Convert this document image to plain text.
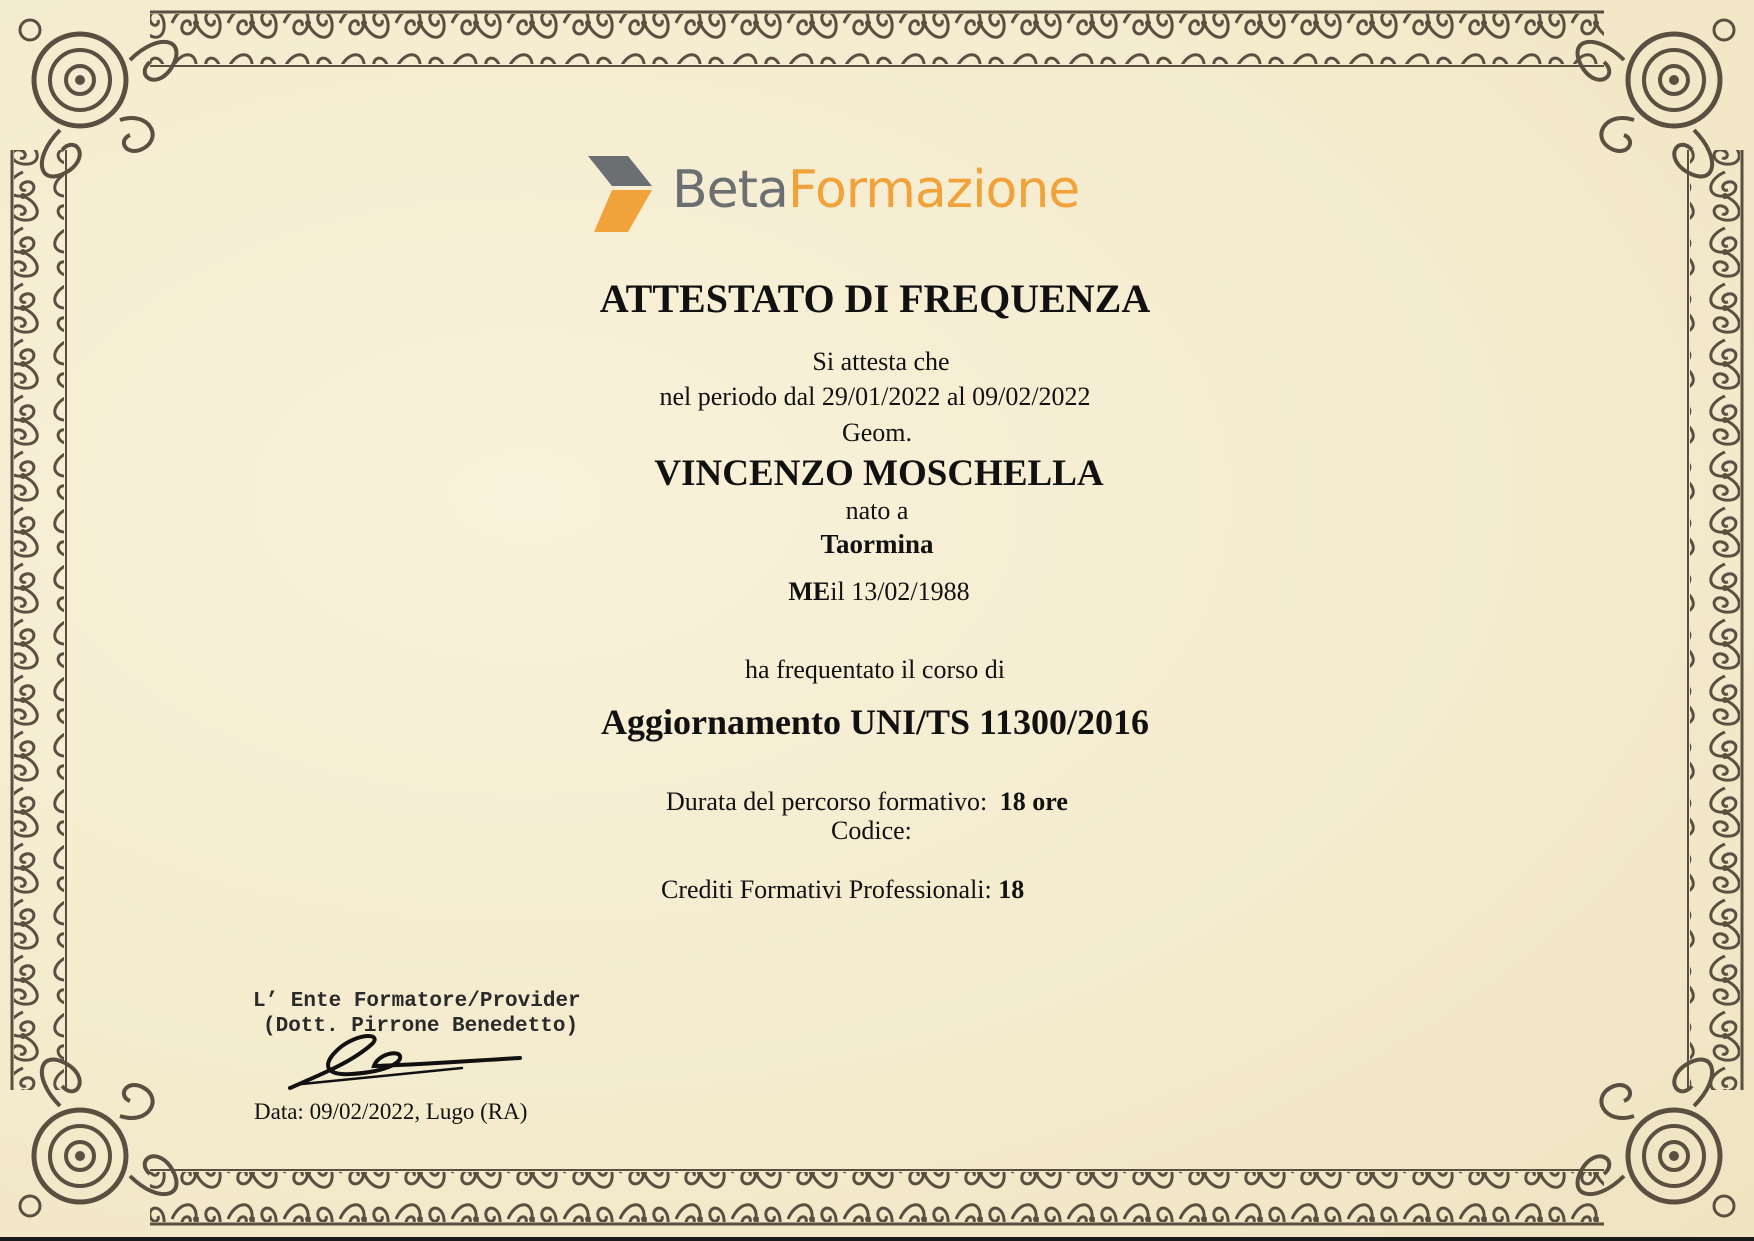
BetaFormazione
ATTESTATO DI FREQUENZA
Si attesta che
nel periodo dal 29/01/2022 al 09/02/2022
Geom.
VINCENZO MOSCHELLA
nato a
Taormina
MEil 13/02/1988
ha frequentato il corso di
Aggiornamento UNI/TS 11300/2016
Durata del percorso formativo: 18 ore
Codice:
Crediti Formativi Professionali: 18
L’ Ente Formatore/Provider
(Dott. Pirrone Benedetto)
Data: 09/02/2022, Lugo (RA)
